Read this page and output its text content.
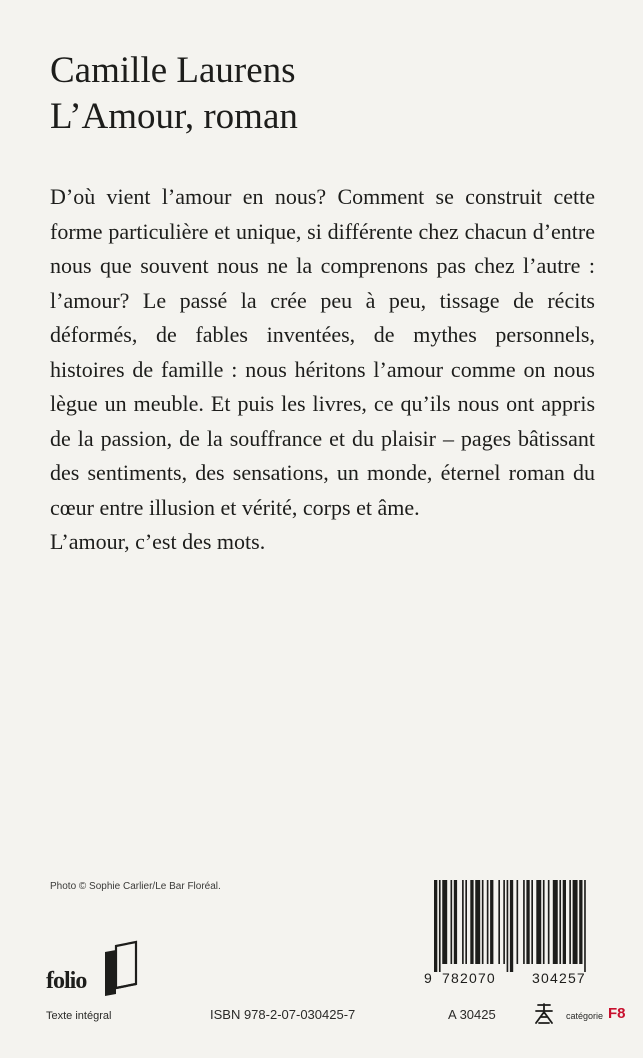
Camille Laurens
L’Amour, roman

D’où vient l’amour en nous? Comment se construit cette forme particulière et unique, si différente chez chacun d’entre nous que souvent nous ne la comprenons pas chez l’autre : l’amour? Le passé la crée peu à peu, tissage de récits déformés, de fables inventées, de mythes personnels, histoires de famille : nous héritons l’amour comme on nous lègue un meuble. Et puis les livres, ce qu’ils nous ont appris de la passion, de la souffrance et du plaisir – pages bâtissant des sentiments, des sensations, un monde, éternel roman du cœur entre illusion et vérité, corps et âme.

L’amour, c’est des mots.

Photo © Sophie Carlier/Le Bar Floréal.
folio
Texte intégral	ISBN 978-2-07-030425-7
9 782070	304257
A 30425	catégorie F8
